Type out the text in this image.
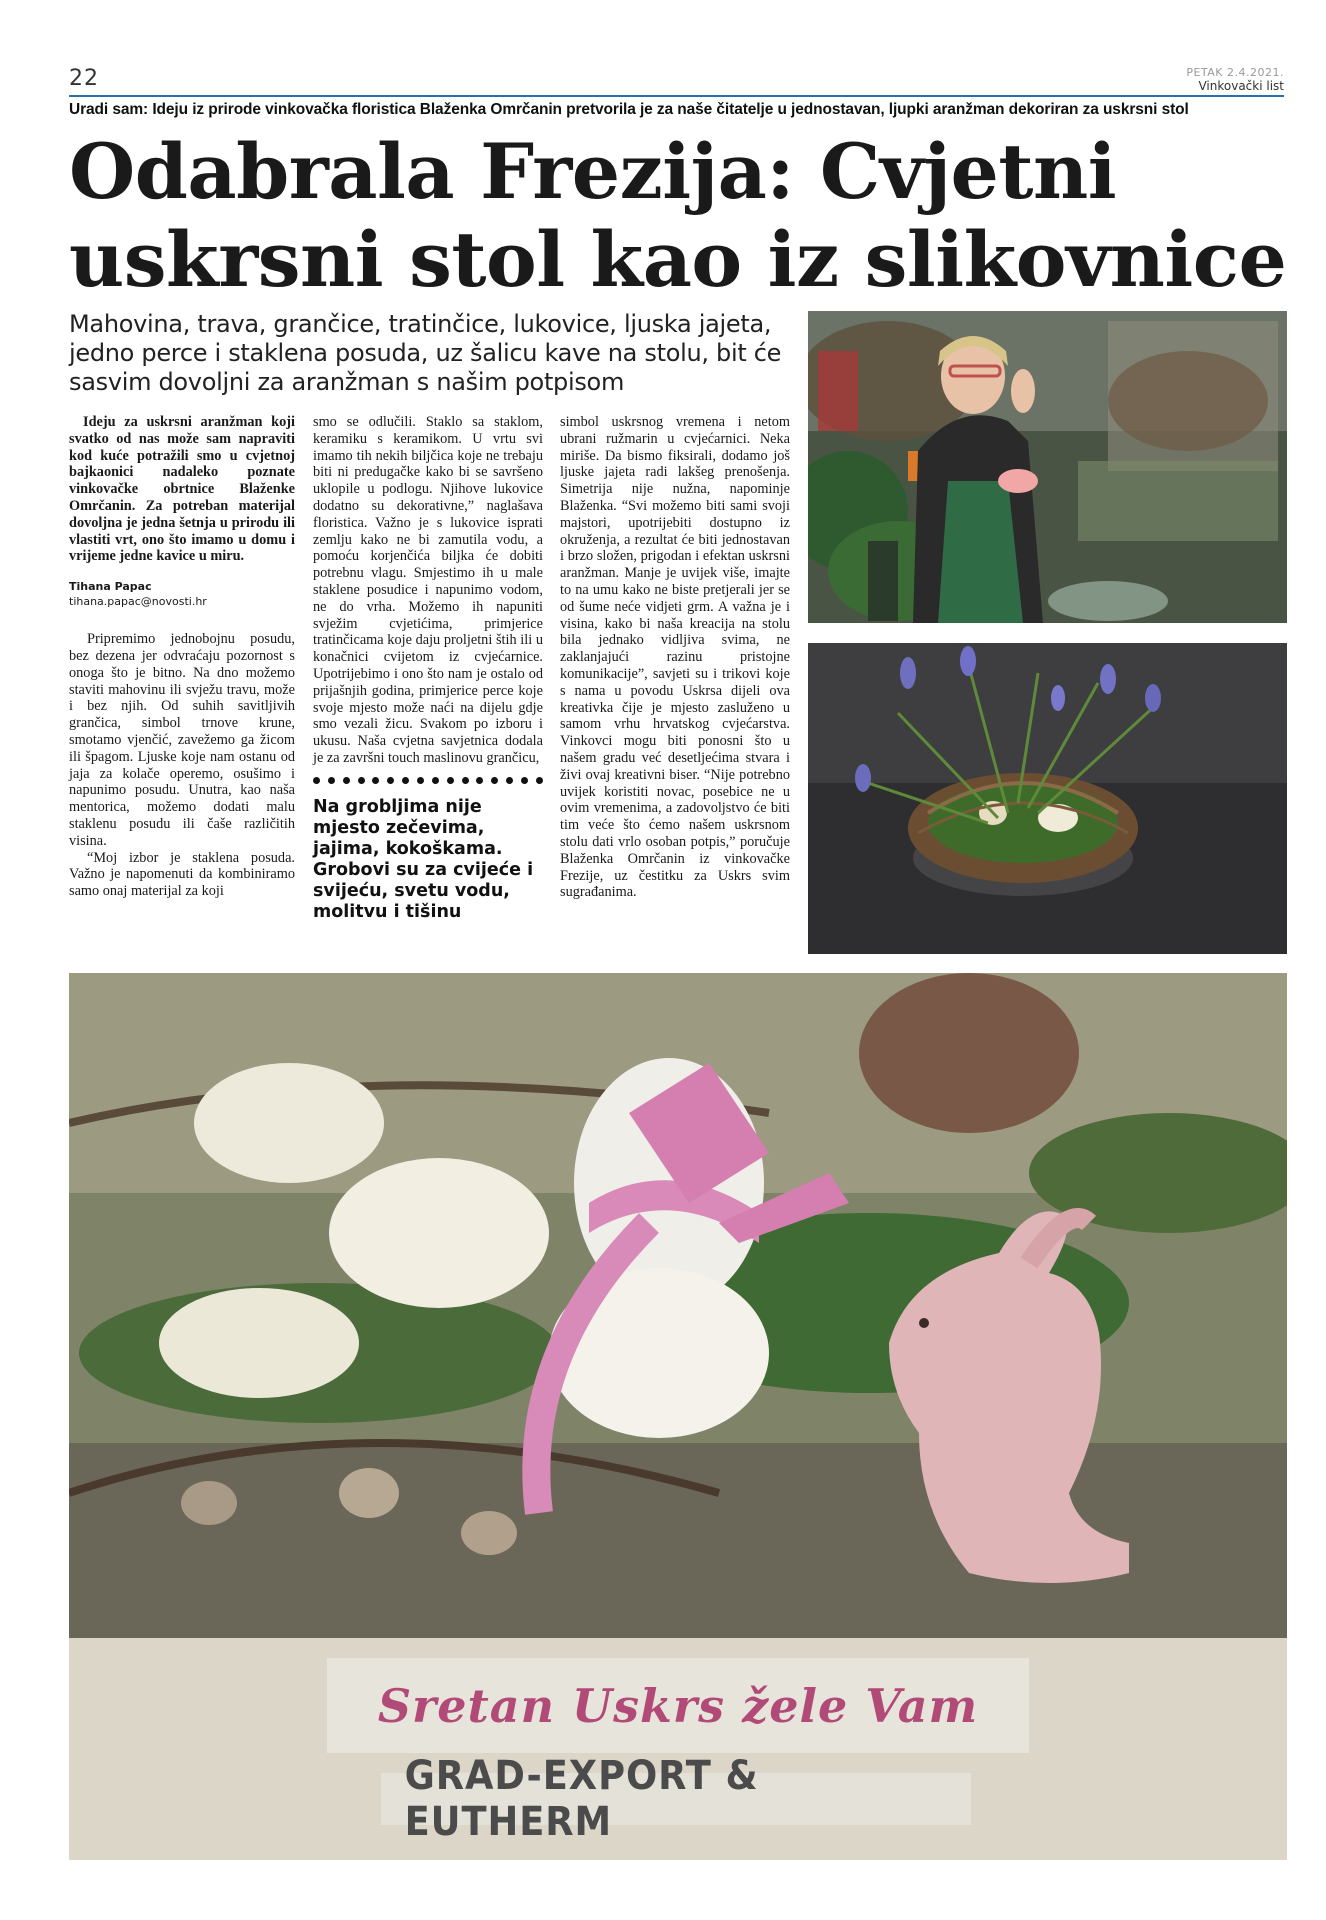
22	PETAK 2.4.2021.
Vinkovački list
Uradi sam: Ideju iz prirode vinkovačka floristica Blaženka Omrčanin pretvorila je za naše čitatelje u jednostavan, ljupki aranžman dekoriran za uskrsni stol
Odabrala Frezija: Cvjetni
uskrsni stol kao iz slikovnice
Mahovina, trava, grančice, tratinčice, lukovice, ljuska jajeta, jedno perce i staklena posuda, uz šalicu kave na stolu, bit će sasvim dovoljni za aranžman s našim potpisom

Ideju za uskrsni aranžman koji svatko od nas može sam napraviti kod kuće potražili smo u cvjetnoj bajkaonici nadaleko poznate vinkovačke obrtnice Blaženke Omrčanin. Za potreban materijal dovoljna je jedna šetnja u prirodu ili vlastiti vrt, ono što imamo u domu i vrijeme jedne kavice u miru.

Tihana Papac
tihana.papac@novosti.hr

Pripremimo jednobojnu posudu, bez dezena jer odvraćaju pozornost s onoga što je bitno. Na dno možemo staviti mahovinu ili svježu travu, može i bez njih. Od suhih savitljivih grančica, simbol trnove krune, smotamo vjenčić, zavežemo ga žicom ili špagom. Ljuske koje nam ostanu od jaja za kolače operemo, osušimo i napunimo posudu. Unutra, kao naša mentorica, možemo dodati malu staklenu posudu ili čaše različitih visina.

“Moj izbor je staklena posuda. Važno je napomenuti da kombiniramo samo onaj materijal za koji

smo se odlučili. Staklo sa staklom, keramiku s keramikom. U vrtu svi imamo tih nekih biljčica koje ne trebaju biti ni predugačke kako bi se savršeno uklopile u podlogu. Njihove lukovice dodatno su dekorativne,” naglašava floristica. Važno je s lukovice isprati zemlju kako ne bi zamutila vodu, a pomoću korjenčića biljka će dobiti potrebnu vlagu. Smjestimo ih u male staklene posudice i napunimo vodom, ne do vrha. Možemo ih napuniti svježim cvjetićima, primjerice tratinčicama koje daju proljetni štih ili u konačnici cvijetom iz cvjećarnice. Upotrijebimo i ono što nam je ostalo od prijašnjih godina, primjerice perce koje svoje mjesto može naći na dijelu gdje smo vezali žicu. Svakom po izboru i ukusu. Naša cvjetna savjetnica dodala je za završni touch maslinovu grančicu,

Na grobljima nije mjesto zečevima, jajima, kokoškama. Grobovi su za cvijeće i svijeću, svetu vodu, molitvu i tišinu

simbol uskrsnog vremena i netom ubrani ružmarin u cvjećarnici. Neka miriše. Da bismo fiksirali, dodamo još ljuske jajeta radi lakšeg prenošenja. Simetrija nije nužna, napominje Blaženka. “Svi možemo biti sami svoji majstori, upotrijebiti dostupno iz okruženja, a rezultat će biti jednostavan i brzo složen, prigodan i efektan uskrsni aranžman. Manje je uvijek više, imajte to na umu kako ne biste pretjerali jer se od šume neće vidjeti grm. A važna je i visina, kako bi naša kreacija na stolu bila jednako vidljiva svima, ne zaklanjajući razinu pristojne komunikacije”, savjeti su i trikovi koje s nama u povodu Uskrsa dijeli ova kreativka čije je mjesto zasluženo u samom vrhu hrvatskog cvjećarstva. Vinkovci mogu biti ponosni što u našem gradu već desetljećima stvara i živi ovaj kreativni biser. “Nije potrebno uvijek koristiti novac, posebice ne u ovim vremenima, a zadovoljstvo će biti tim veće što ćemo našem uskrsnom stolu dati vrlo osoban potpis,” poručuje Blaženka Omrčanin iz vinkovačke Frezije, uz čestitku za Uskrs svim sugrađanima.

Sretan Uskrs žele Vam
GRAD-EXPORT & EUTHERM
